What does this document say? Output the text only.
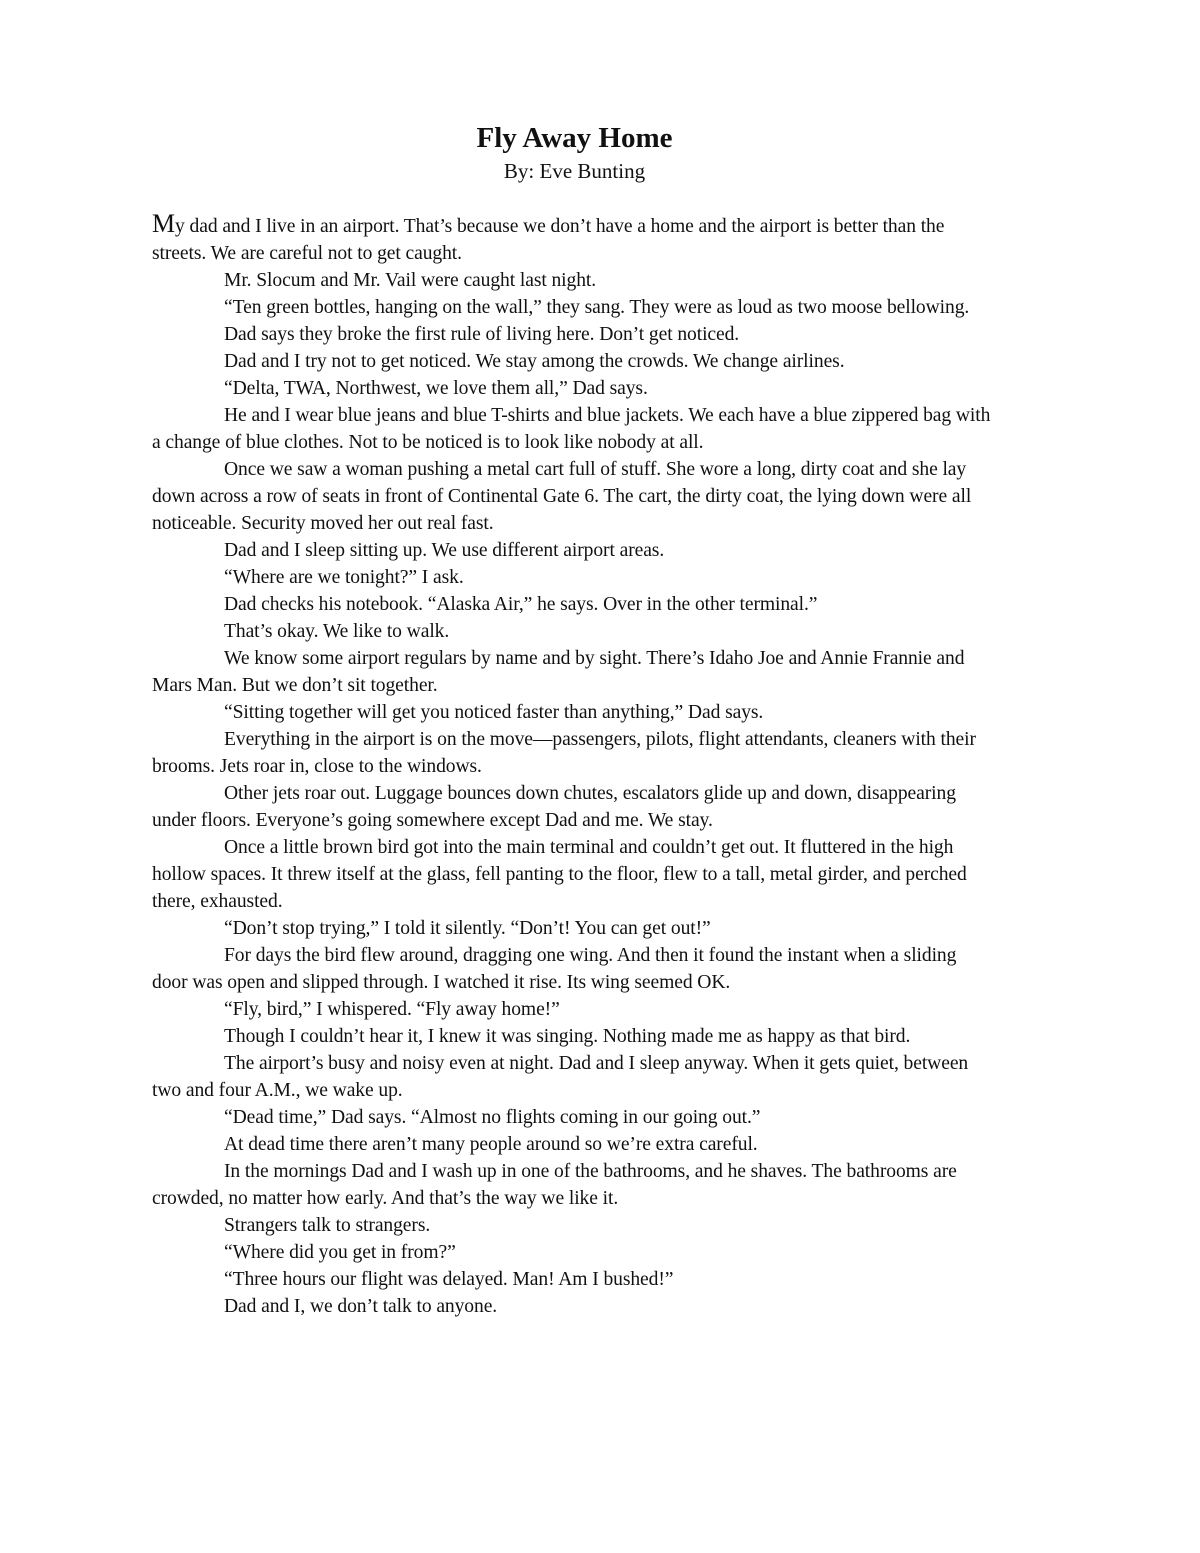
Fly Away Home
By: Eve Bunting

My dad and I live in an airport. That’s because we don’t have a home and the airport is better than the streets. We are careful not to get caught.

Mr. Slocum and Mr. Vail were caught last night.

“Ten green bottles, hanging on the wall,” they sang. They were as loud as two moose bellowing.

Dad says they broke the first rule of living here. Don’t get noticed.

Dad and I try not to get noticed. We stay among the crowds. We change airlines.

“Delta, TWA, Northwest, we love them all,” Dad says.

He and I wear blue jeans and blue T-shirts and blue jackets. We each have a blue zippered bag with a change of blue clothes. Not to be noticed is to look like nobody at all.

Once we saw a woman pushing a metal cart full of stuff. She wore a long, dirty coat and she lay down across a row of seats in front of Continental Gate 6. The cart, the dirty coat, the lying down were all noticeable. Security moved her out real fast.

Dad and I sleep sitting up. We use different airport areas.

“Where are we tonight?” I ask.

Dad checks his notebook. “Alaska Air,” he says. Over in the other terminal.”

That’s okay. We like to walk.

We know some airport regulars by name and by sight. There’s Idaho Joe and Annie Frannie and Mars Man. But we don’t sit together.

“Sitting together will get you noticed faster than anything,” Dad says.

Everything in the airport is on the move—passengers, pilots, flight attendants, cleaners with their brooms. Jets roar in, close to the windows.

Other jets roar out. Luggage bounces down chutes, escalators glide up and down, disappearing under floors. Everyone’s going somewhere except Dad and me. We stay.

Once a little brown bird got into the main terminal and couldn’t get out. It fluttered in the high hollow spaces. It threw itself at the glass, fell panting to the floor, flew to a tall, metal girder, and perched there, exhausted.

“Don’t stop trying,” I told it silently. “Don’t! You can get out!”

For days the bird flew around, dragging one wing. And then it found the instant when a sliding door was open and slipped through. I watched it rise. Its wing seemed OK.

“Fly, bird,” I whispered. “Fly away home!”

Though I couldn’t hear it, I knew it was singing. Nothing made me as happy as that bird.

The airport’s busy and noisy even at night. Dad and I sleep anyway. When it gets quiet, between two and four A.M., we wake up.

“Dead time,” Dad says. “Almost no flights coming in our going out.”

At dead time there aren’t many people around so we’re extra careful.

In the mornings Dad and I wash up in one of the bathrooms, and he shaves. The bathrooms are crowded, no matter how early. And that’s the way we like it.

Strangers talk to strangers.

“Where did you get in from?”

“Three hours our flight was delayed. Man! Am I bushed!”

Dad and I, we don’t talk to anyone.
